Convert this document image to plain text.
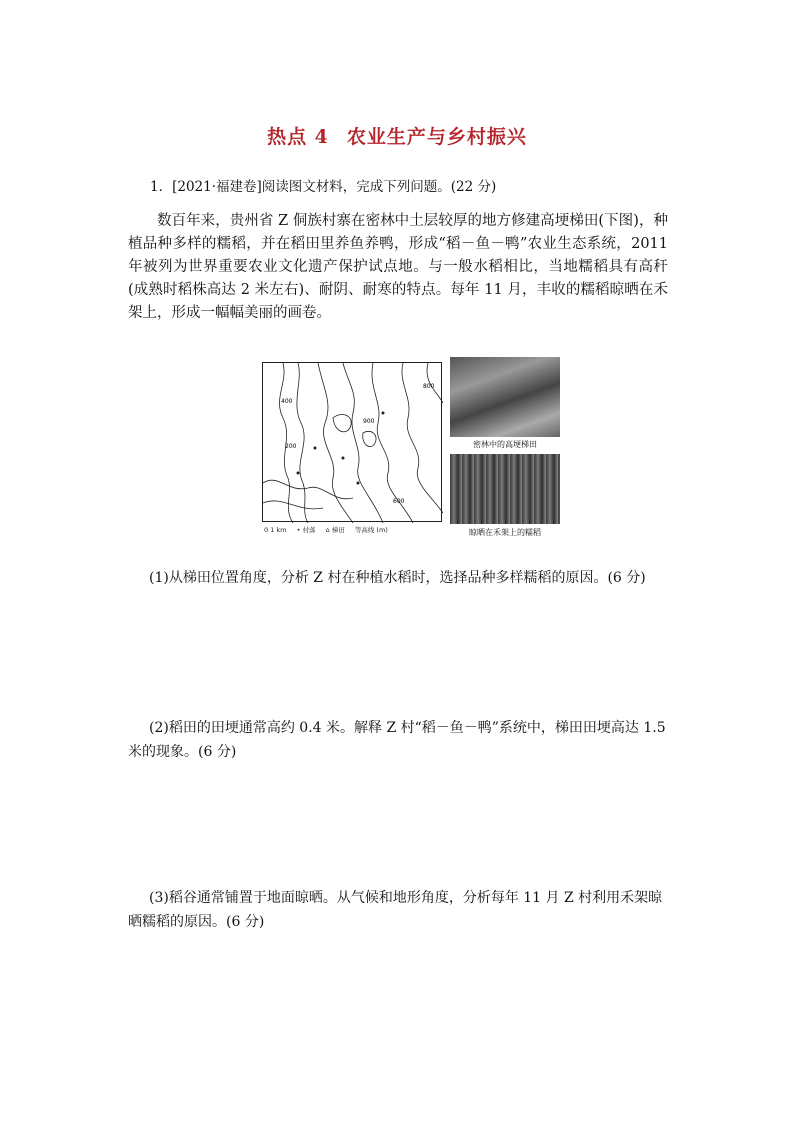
热点 4 农业生产与乡村振兴
1．[2021·福建卷]阅读图文材料，完成下列问题。(22 分)
数百年来，贵州省 Z 侗族村寨在密林中土层较厚的地方修建高埂梯田(下图)，种植品种多样的糯稻，并在稻田里养鱼养鸭，形成“稻－鱼－鸭”农业生态系统，2011 年被列为世界重要农业文化遗产保护试点地。与一般水稻相比，当地糯稻具有高秆(成熟时稻株高达 2 米左右)、耐阴、耐寒的特点。每年 11 月，丰收的糯稻晾晒在禾架上，形成一幅幅美丽的画卷。
400
200
600
800
900
0 1 km • 村落 ⌂ 梯田 等高线 (m)
密林中的高埂梯田
晾晒在禾架上的糯稻
(1)从梯田位置角度，分析 Z 村在种植水稻时，选择品种多样糯稻的原因。(6 分)
(2)稻田的田埂通常高约 0.4 米。解释 Z 村“稻－鱼－鸭”系统中，梯田田埂高达 1.5 米的现象。(6 分)
(3)稻谷通常铺置于地面晾晒。从气候和地形角度，分析每年 11 月 Z 村利用禾架晾晒糯稻的原因。(6 分)
